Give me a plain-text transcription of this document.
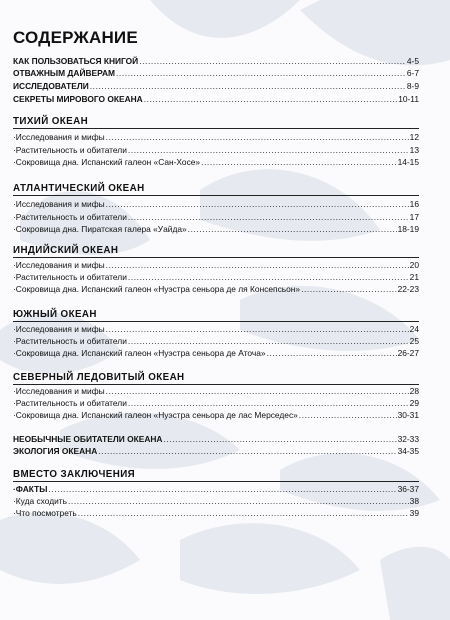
СОДЕРЖАНИЕ
КАК ПОЛЬЗОВАТЬСЯ КНИГОЙ .....	4-5
ОТВАЖНЫМ ДАЙВЕРАМ .....	6-7
ИССЛЕДОВАТЕЛИ .....	8-9
СЕКРЕТЫ МИРОВОГО ОКЕАНА .....	10-11
ТИХИЙ ОКЕАН
·Исследования и мифы .....	12
·Растительность и обитатели .....	13
·Сокровища дна. Испанский галеон «Сан-Хосе» .....	14-15
АТЛАНТИЧЕСКИЙ ОКЕАН
·Исследования и мифы .....	16
·Растительность и обитатели .....	17
·Сокровища дна. Пиратская галера «Уайда» .....	18-19
ИНДИЙСКИЙ ОКЕАН
·Исследования и мифы .....	20
·Растительность и обитатели .....	21
·Сокровища дна. Испанский галеон «Нуэстра сеньора де ля Консепсьон» .....	22-23
ЮЖНЫЙ ОКЕАН
·Исследования и мифы .....	24
·Растительность и обитатели .....	25
·Сокровища дна. Испанский галеон «Нуэстра сеньора де Аточа» .....	26-27
СЕВЕРНЫЙ ЛЕДОВИТЫЙ ОКЕАН
·Исследования и мифы .....	28
·Растительность и обитатели .....	29
·Сокровища дна. Испанский галеон «Нуэстра сеньора де лас Мерседес» .....	30-31
НЕОБЫЧНЫЕ ОБИТАТЕЛИ ОКЕАНА .....	32-33
ЭКОЛОГИЯ ОКЕАНА .....	34-35
ВМЕСТО ЗАКЛЮЧЕНИЯ
·ФАКТЫ .....	36-37
·Куда сходить .....	38
·Что посмотреть .....	39
